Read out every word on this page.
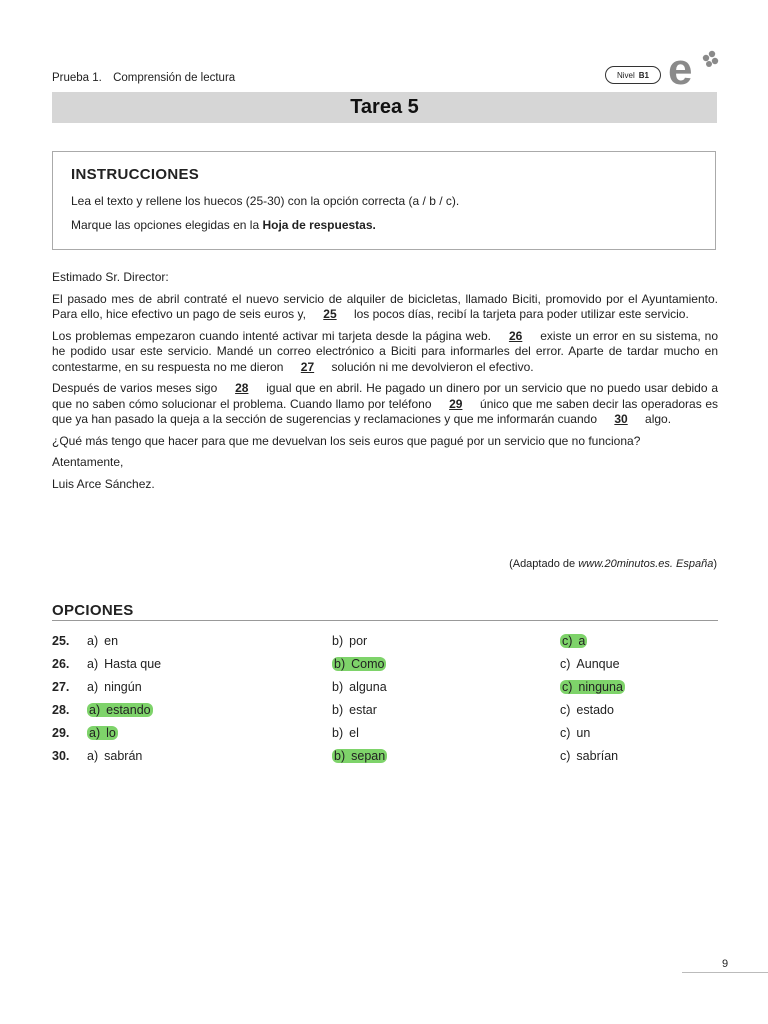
Prueba 1. Comprensión de lectura	Nivel B1 e
Tarea 5
INSTRUCCIONES
Lea el texto y rellene los huecos (25-30) con la opción correcta (a / b / c).
Marque las opciones elegidas en la Hoja de respuestas.

Estimado Sr. Director:

El pasado mes de abril contraté el nuevo servicio de alquiler de bicicletas, llamado Biciti, promovido por el Ayuntamiento. Para ello, hice efectivo un pago de seis euros y, 25 los pocos días, recibí la tarjeta para poder utilizar este servicio.

Los problemas empezaron cuando intenté activar mi tarjeta desde la página web. 26 existe un error en su sistema, no he podido usar este servicio. Mandé un correo electrónico a Biciti para informarles del error. Aparte de tardar mucho en contestarme, en su respuesta no me dieron 27 solución ni me devolvieron el efectivo.

Después de varios meses sigo 28 igual que en abril. He pagado un dinero por un servicio que no puedo usar debido a que no saben cómo solucionar el problema. Cuando llamo por teléfono 29 único que me saben decir las operadoras es que ya han pasado la queja a la sección de sugerencias y reclamaciones y que me informarán cuando 30 algo.

¿Qué más tengo que hacer para que me devuelvan los seis euros que pagué por un servicio que no funciona?

Atentamente,

Luis Arce Sánchez.

(Adaptado de www.20minutos.es. España)
OPCIONES
25. a) en	b) por	c) a
26. a) Hasta que	b) Como	c) Aunque
27. a) ningún	b) alguna	c) ninguna
28. a) estando	b) estar	c) estado
29. a) lo	b) el	c) un
30. a) sabrán	b) sepan	c) sabrían
9
